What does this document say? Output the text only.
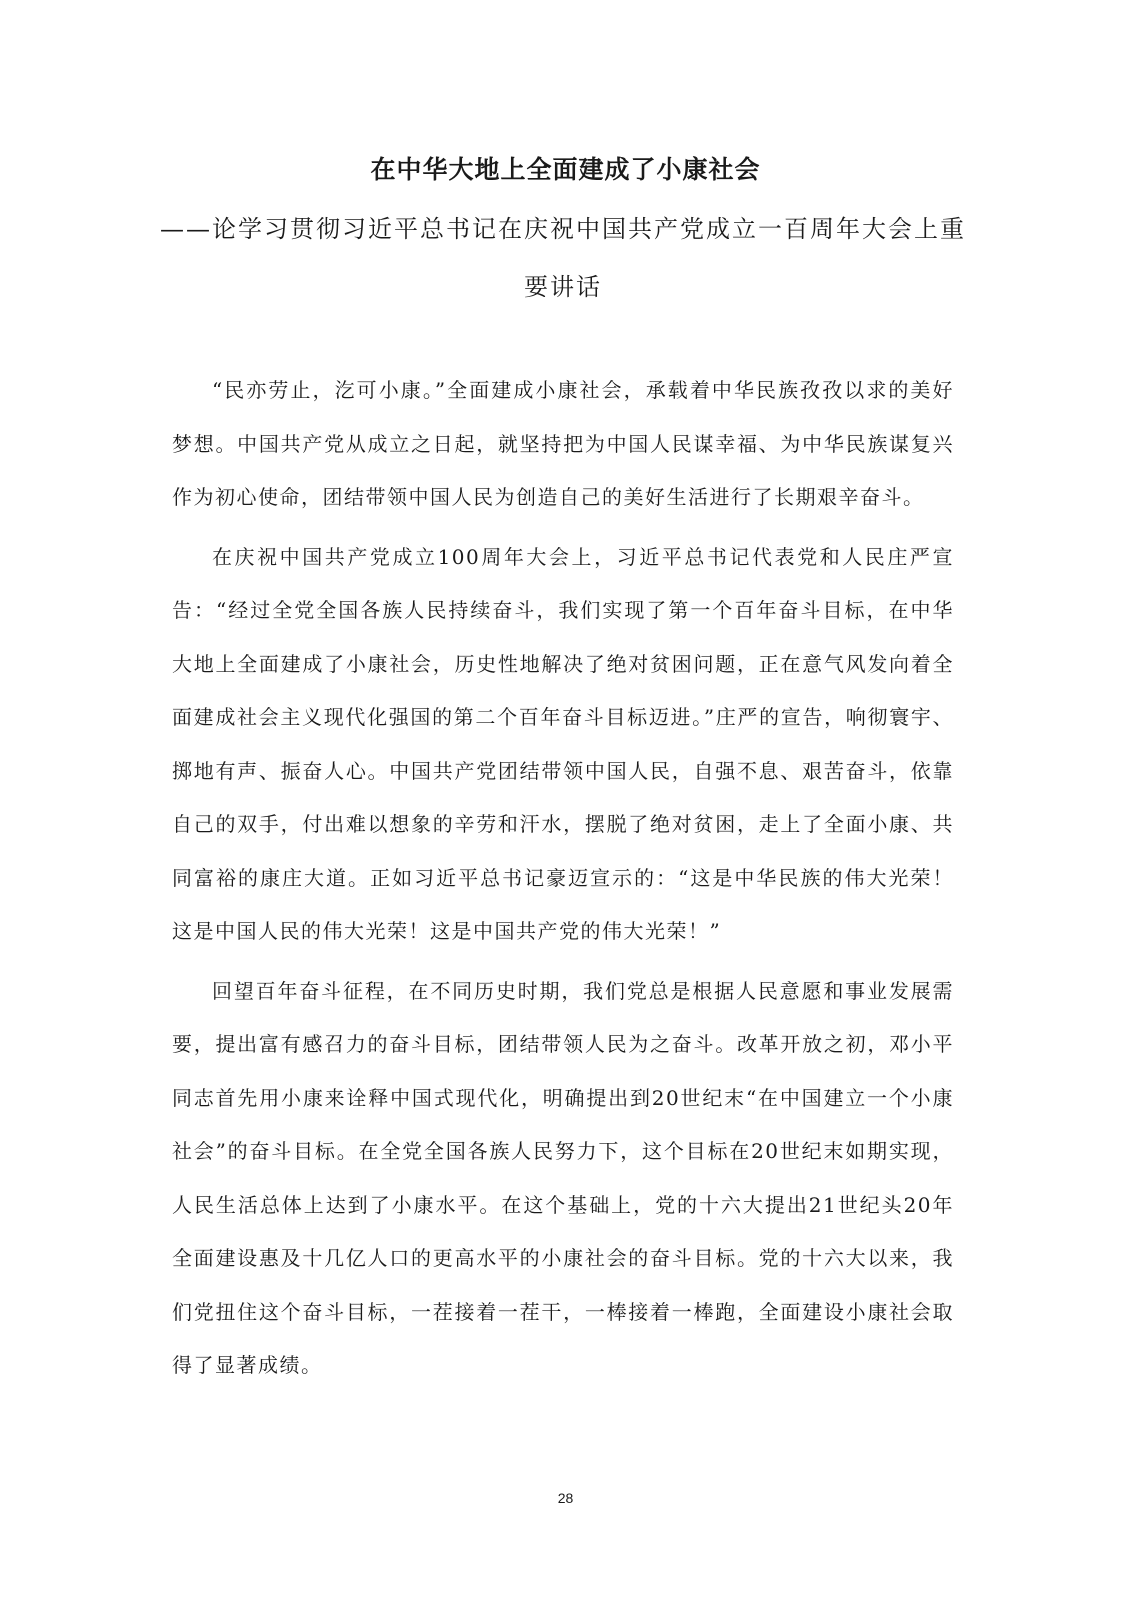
在中华大地上全面建成了小康社会
——论学习贯彻习近平总书记在庆祝中国共产党成立一百周年大会上重要讲话

“民亦劳止，汔可小康。”全面建成小康社会，承载着中华民族孜孜以求的美好梦想。中国共产党从成立之日起，就坚持把为中国人民谋幸福、为中华民族谋复兴作为初心使命，团结带领中国人民为创造自己的美好生活进行了长期艰辛奋斗。

在庆祝中国共产党成立100周年大会上，习近平总书记代表党和人民庄严宣告：“经过全党全国各族人民持续奋斗，我们实现了第一个百年奋斗目标，在中华大地上全面建成了小康社会，历史性地解决了绝对贫困问题，正在意气风发向着全面建成社会主义现代化强国的第二个百年奋斗目标迈进。”庄严的宣告，响彻寰宇、掷地有声、振奋人心。中国共产党团结带领中国人民，自强不息、艰苦奋斗，依靠自己的双手，付出难以想象的辛劳和汗水，摆脱了绝对贫困，走上了全面小康、共同富裕的康庄大道。正如习近平总书记豪迈宣示的：“这是中华民族的伟大光荣！这是中国人民的伟大光荣！这是中国共产党的伟大光荣！”

回望百年奋斗征程，在不同历史时期，我们党总是根据人民意愿和事业发展需要，提出富有感召力的奋斗目标，团结带领人民为之奋斗。改革开放之初，邓小平同志首先用小康来诠释中国式现代化，明确提出到20世纪末“在中国建立一个小康社会”的奋斗目标。在全党全国各族人民努力下，这个目标在20世纪末如期实现，人民生活总体上达到了小康水平。在这个基础上，党的十六大提出21世纪头20年全面建设惠及十几亿人口的更高水平的小康社会的奋斗目标。党的十六大以来，我们党扭住这个奋斗目标，一茬接着一茬干，一棒接着一棒跑，全面建设小康社会取得了显著成绩。

28
